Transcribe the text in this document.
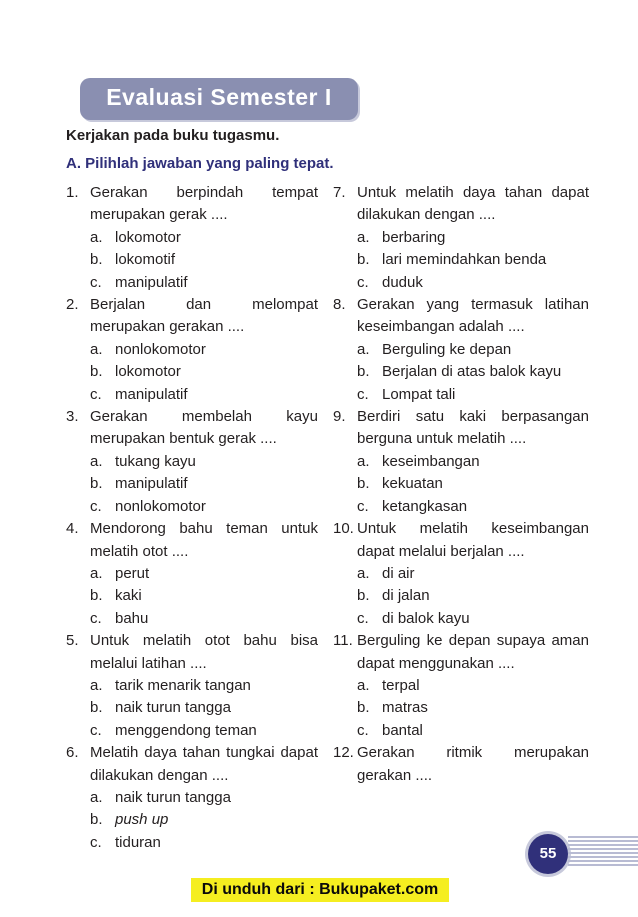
Evaluasi Semester I
Kerjakan pada buku tugasmu.
A. Pilihlah jawaban yang paling tepat.
1. Gerakan berpindah tempat merupakan gerak ....
a. lokomotor
b. lokomotif
c. manipulatif
2. Berjalan dan melompat merupakan gerakan ....
a. nonlokomotor
b. lokomotor
c. manipulatif
3. Gerakan membelah kayu merupakan bentuk gerak ....
a. tukang kayu
b. manipulatif
c. nonlokomotor
4. Mendorong bahu teman untuk melatih otot ....
a. perut
b. kaki
c. bahu
5. Untuk melatih otot bahu bisa melalui latihan ....
a. tarik menarik tangan
b. naik turun tangga
c. menggendong teman
6. Melatih daya tahan tungkai dapat dilakukan dengan ....
a. naik turun tangga
b. push up
c. tiduran
7. Untuk melatih daya tahan dapat dilakukan dengan ....
a. berbaring
b. lari memindahkan benda
c. duduk
8. Gerakan yang termasuk latihan keseimbangan adalah ....
a. Berguling ke depan
b. Berjalan di atas balok kayu
c. Lompat tali
9. Berdiri satu kaki berpasangan berguna untuk melatih ....
a. keseimbangan
b. kekuatan
c. ketangkasan
10. Untuk melatih keseimbangan dapat melalui berjalan ....
a. di air
b. di jalan
c. di balok kayu
11. Berguling ke depan supaya aman dapat menggunakan ....
a. terpal
b. matras
c. bantal
12. Gerakan ritmik merupakan gerakan ....
55
Di unduh dari : Bukupaket.com
